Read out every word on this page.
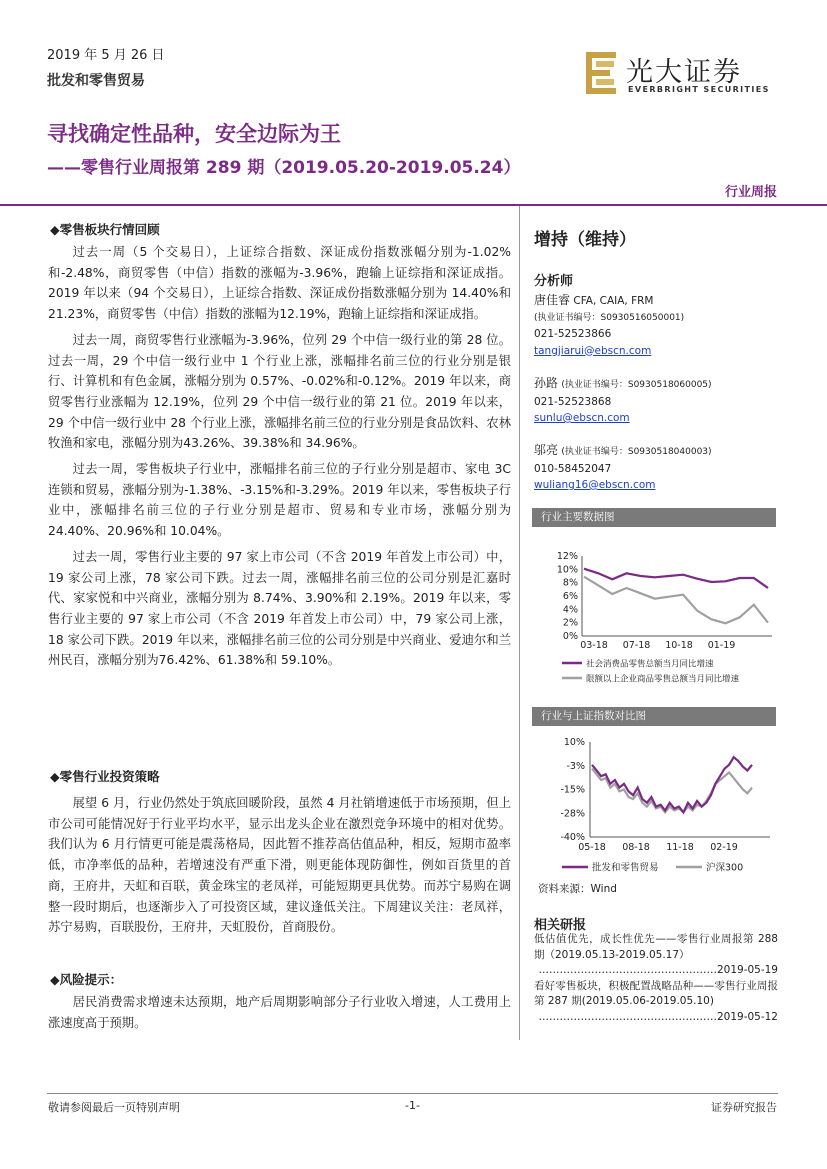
2019 年 5 月 26 日
批发和零售贸易	光大证券
EVERBRIGHT SECURITIES
寻找确定性品种，安全边际为王
——零售行业周报第 289 期（2019.05.20-2019.05.24）
行业周报
◆零售板块行情回顾

过去一周（5 个交易日），上证综合指数、深证成份指数涨幅分别为-1.02%和-2.48%，商贸零售（中信）指数的涨幅为-3.96%，跑输上证综指和深证成指。2019 年以来（94 个交易日），上证综合指数、深证成份指数涨幅分别为 14.40%和 21.23%，商贸零售（中信）指数的涨幅为12.19%，跑输上证综指和深证成指。

过去一周，商贸零售行业涨幅为-3.96%，位列 29 个中信一级行业的第 28 位。过去一周，29 个中信一级行业中 1 个行业上涨，涨幅排名前三位的行业分别是银行、计算机和有色金属，涨幅分别为 0.57%、-0.02%和-0.12%。2019 年以来，商贸零售行业涨幅为 12.19%，位列 29 个中信一级行业的第 21 位。2019 年以来，29 个中信一级行业中 28 个行业上涨，涨幅排名前三位的行业分别是食品饮料、农林牧渔和家电，涨幅分别为43.26%、39.38%和 34.96%。

过去一周，零售板块子行业中，涨幅排名前三位的子行业分别是超市、家电 3C 连锁和贸易，涨幅分别为-1.38%、-3.15%和-3.29%。2019 年以来，零售板块子行业中，涨幅排名前三位的子行业分别是超市、贸易和专业市场，涨幅分别为 24.40%、20.96%和 10.04%。

过去一周，零售行业主要的 97 家上市公司（不含 2019 年首发上市公司）中，19 家公司上涨，78 家公司下跌。过去一周，涨幅排名前三位的公司分别是汇嘉时代、家家悦和中兴商业，涨幅分别为 8.74%、3.90%和 2.19%。2019 年以来，零售行业主要的 97 家上市公司（不含 2019 年首发上市公司）中，79 家公司上涨，18 家公司下跌。2019 年以来，涨幅排名前三位的公司分别是中兴商业、爱迪尔和兰州民百，涨幅分别为76.42%、61.38%和 59.10%。

◆零售行业投资策略

展望 6 月，行业仍然处于筑底回暖阶段，虽然 4 月社销增速低于市场预期，但上市公司可能情况好于行业平均水平，显示出龙头企业在激烈竞争环境中的相对优势。我们认为 6 月行情更可能是震荡格局，因此暂不推荐高估值品种，相反，短期市盈率低，市净率低的品种，若增速没有严重下滑，则更能体现防御性，例如百货里的首商，王府井，天虹和百联，黄金珠宝的老凤祥，可能短期更具优势。而苏宁易购在调整一段时期后，也逐渐步入了可投资区域，建议逢低关注。下周建议关注：老凤祥，苏宁易购，百联股份，王府井，天虹股份，首商股份。

◆风险提示：

居民消费需求增速未达预期，地产后周期影响部分子行业收入增速，人工费用上涨速度高于预期。

增持（维持）
分析师
唐佳睿 CFA, CAIA, FRM
(执业证书编号：S0930516050001)
021-52523866
tangjiarui@ebscn.com
孙路 (执业证书编号：S0930518060005)
021-52523868
sunlu@ebscn.com
邬亮 (执业证书编号：S0930518040003)
010-58452047
wuliang16@ebscn.com
行业主要数据图
0%
2%
4%
6%
8%
10%
12%
03-18 07-18 10-18 01-19
社会消费品零售总额当月同比增速
限额以上企业商品零售总额当月同比增速
行业与上证指数对比图
10%
-3%
-15%
-28%
-40%
05-18 08-18 11-18 02-19
批发和零售贸易	沪深300
资料来源：Wind
相关研报
低估值优先，成长性优先——零售行业周报第 288 期（2019.05.13-2019.05.17）
……………………………………………2019-05-19
看好零售板块，积极配置战略品种——零售行业周报第 287 期(2019.05.06-2019.05.10)
……………………………………………2019-05-12
敬请参阅最后一页特别声明	-1-	证券研究报告
